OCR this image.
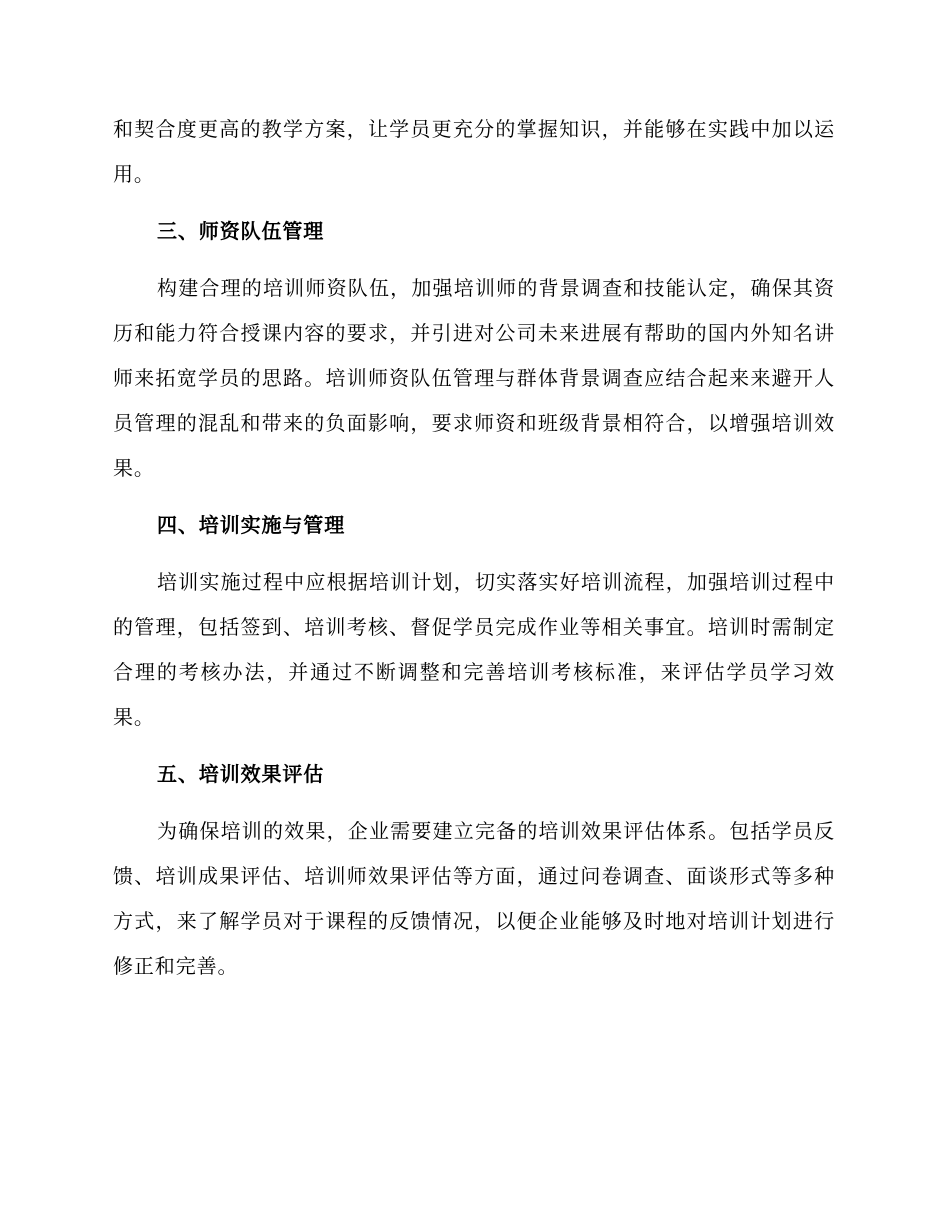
和契合度更高的教学方案，让学员更充分的掌握知识，并能够在实践中加以运用。

三、师资队伍管理

构建合理的培训师资队伍，加强培训师的背景调查和技能认定，确保其资历和能力符合授课内容的要求，并引进对公司未来进展有帮助的国内外知名讲师来拓宽学员的思路。培训师资队伍管理与群体背景调查应结合起来来避开人员管理的混乱和带来的负面影响，要求师资和班级背景相符合，以增强培训效果。

四、培训实施与管理

培训实施过程中应根据培训计划，切实落实好培训流程，加强培训过程中的管理，包括签到、培训考核、督促学员完成作业等相关事宜。培训时需制定合理的考核办法，并通过不断调整和完善培训考核标准，来评估学员学习效果。

五、培训效果评估

为确保培训的效果，企业需要建立完备的培训效果评估体系。包括学员反馈、培训成果评估、培训师效果评估等方面，通过问卷调查、面谈形式等多种方式，来了解学员对于课程的反馈情况，以便企业能够及时地对培训计划进行修正和完善。
